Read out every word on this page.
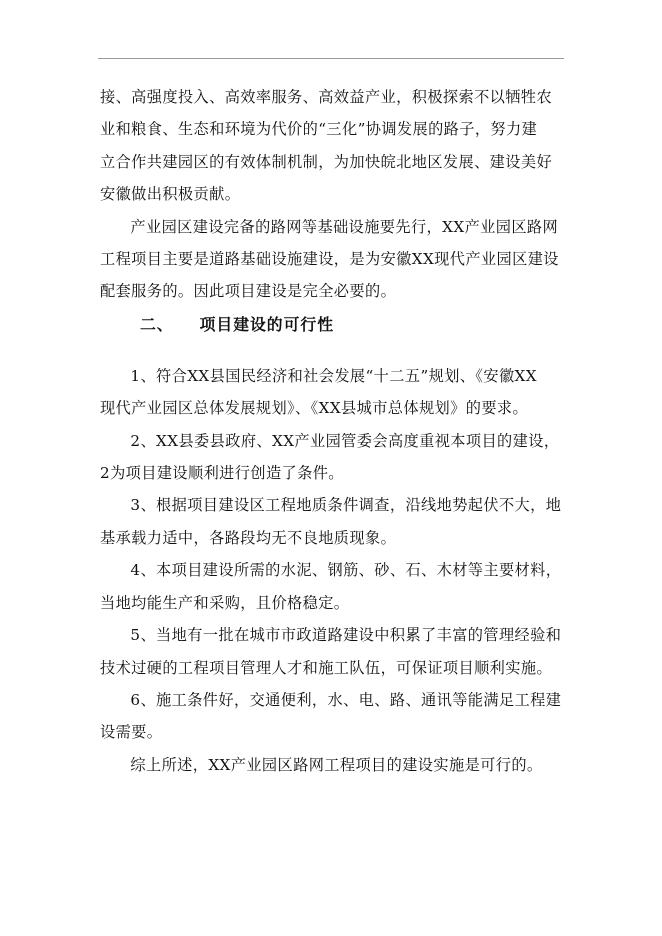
接、高强度投入、高效率服务、高效益产业，积极探索不以牺牲农
业和粮食、生态和环境为代价的“三化”协调发展的路子，努力建
立合作共建园区的有效体制机制，为加快皖北地区发展、建设美好
安徽做出积极贡献。

产业园区建设完备的路网等基础设施要先行，XX产业园区路网
工程项目主要是道路基础设施建设，是为安徽XX现代产业园区建设
配套服务的。因此项目建设是完全必要的。

二、 项目建设的可行性

1、符合XX县国民经济和社会发展“十二五”规划、《安徽XX
现代产业园区总体发展规划》、《XX县城市总体规划》的要求。

2、XX县委县政府、XX产业园管委会高度重视本项目的建设，
2为项目建设顺利进行创造了条件。

3、根据项目建设区工程地质条件调查，沿线地势起伏不大，地
基承载力适中，各路段均无不良地质现象。

4、本项目建设所需的水泥、钢筋、砂、石、木材等主要材料，
当地均能生产和采购，且价格稳定。

5、当地有一批在城市市政道路建设中积累了丰富的管理经验和
技术过硬的工程项目管理人才和施工队伍，可保证项目顺利实施。

6、施工条件好，交通便利，水、电、路、通讯等能满足工程建
设需要。

综上所述，XX产业园区路网工程项目的建设实施是可行的。
